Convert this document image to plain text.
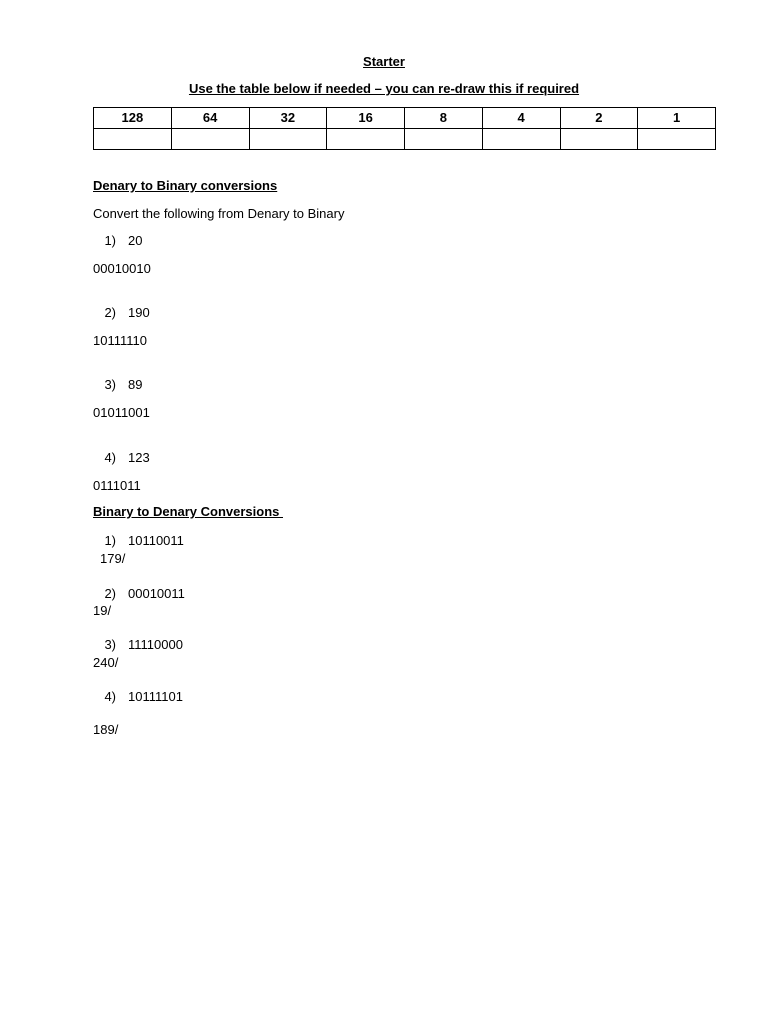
Starter
Use the table below if needed – you can re-draw this if required
128	64	32	16	8	4	2	1

Denary to Binary conversions
Convert the following from Denary to Binary
1) 20
00010010
2) 190
10111110
3) 89
01011001
4) 123
0111011
Binary to Denary Conversions
1) 10110011
179/
2) 00010011
19/
3) 11110000
240/
4) 10111101
189/
